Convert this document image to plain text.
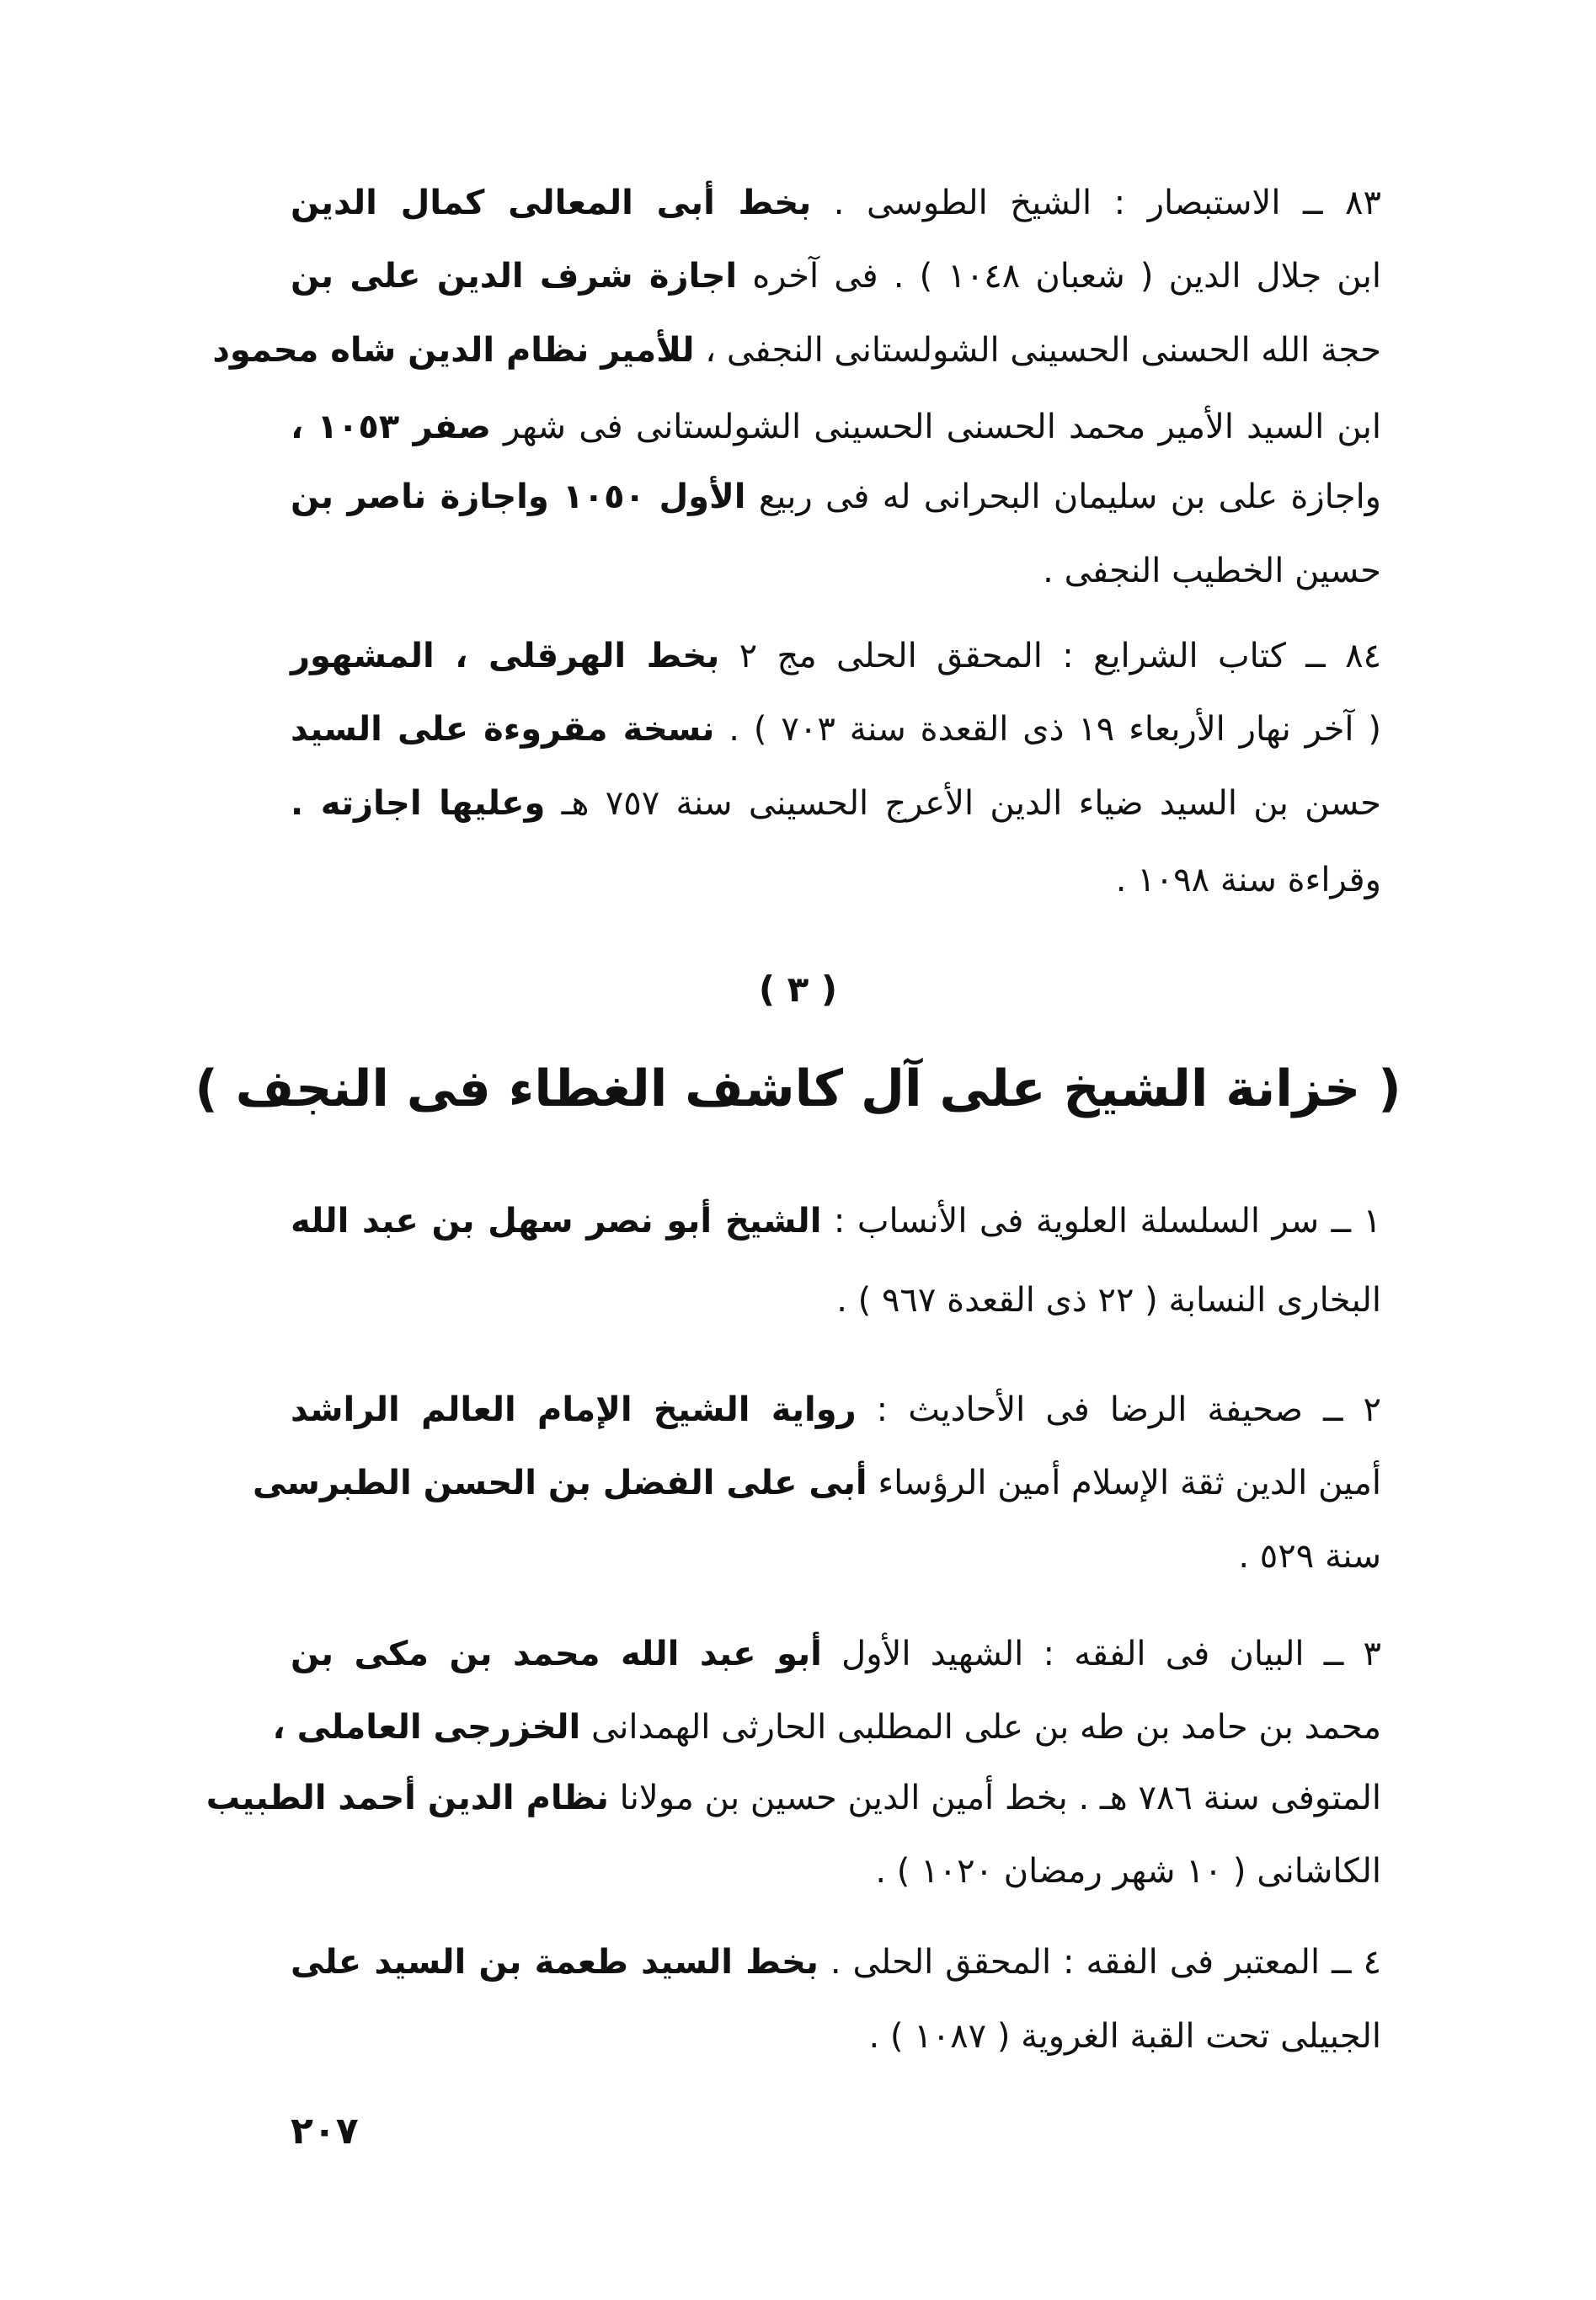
٨٣ ــ الاستبصار : الشيخ الطوسى . بخط أبى المعالى كمال الدين
ابن جلال الدين ( شعبان ١٠٤٨ ) . فى آخره اجازة شرف الدين على بن
حجة الله الحسنى الحسينى الشولستانى النجفى ، للأمير نظام الدين شاه محمود
ابن السيد الأمير محمد الحسنى الحسينى الشولستانى فى شهر صفر ١٠٥٣ ،
واجازة على بن سليمان البحرانى له فى ربيع الأول ١٠٥٠ واجازة ناصر بن
حسين الخطيب النجفى .
٨٤ ــ كتاب الشرايع : المحقق الحلى مج ٢ بخط الهرقلى ، المشهور
( آخر نهار الأربعاء ١٩ ذى القعدة سنة ٧٠٣ ) . نسخة مقروءة على السيد
حسن بن السيد ضياء الدين الأعرج الحسينى سنة ٧٥٧ هـ وعليها اجازته .
وقراءة سنة ١٠٩٨ .
١ ــ سر السلسلة العلوية فى الأنساب : الشيخ أبو نصر سهل بن عبد الله
البخارى النسابة ( ٢٢ ذى القعدة ٩٦٧ ) .
٢ ــ صحيفة الرضا فى الأحاديث : رواية الشيخ الإمام العالم الراشد
أمين الدين ثقة الإسلام أمين الرؤساء أبى على الفضل بن الحسن الطبرسى
سنة ٥٢٩ .
٣ ــ البيان فى الفقه : الشهيد الأول أبو عبد الله محمد بن مكى بن
محمد بن حامد بن طه بن على المطلبى الحارثى الهمدانى الخزرجى العاملى ،
المتوفى سنة ٧٨٦ هـ . بخط أمين الدين حسين بن مولانا نظام الدين أحمد الطبيب
الكاشانى ( ١٠ شهر رمضان ١٠٢٠ ) .
٤ ــ المعتبر فى الفقه : المحقق الحلى . بخط السيد طعمة بن السيد على
الجبيلى تحت القبة الغروية ( ١٠٨٧ ) .
( ٣ )
( خزانة الشيخ على آل كاشف الغطاء فى النجف )
٢٠٧
